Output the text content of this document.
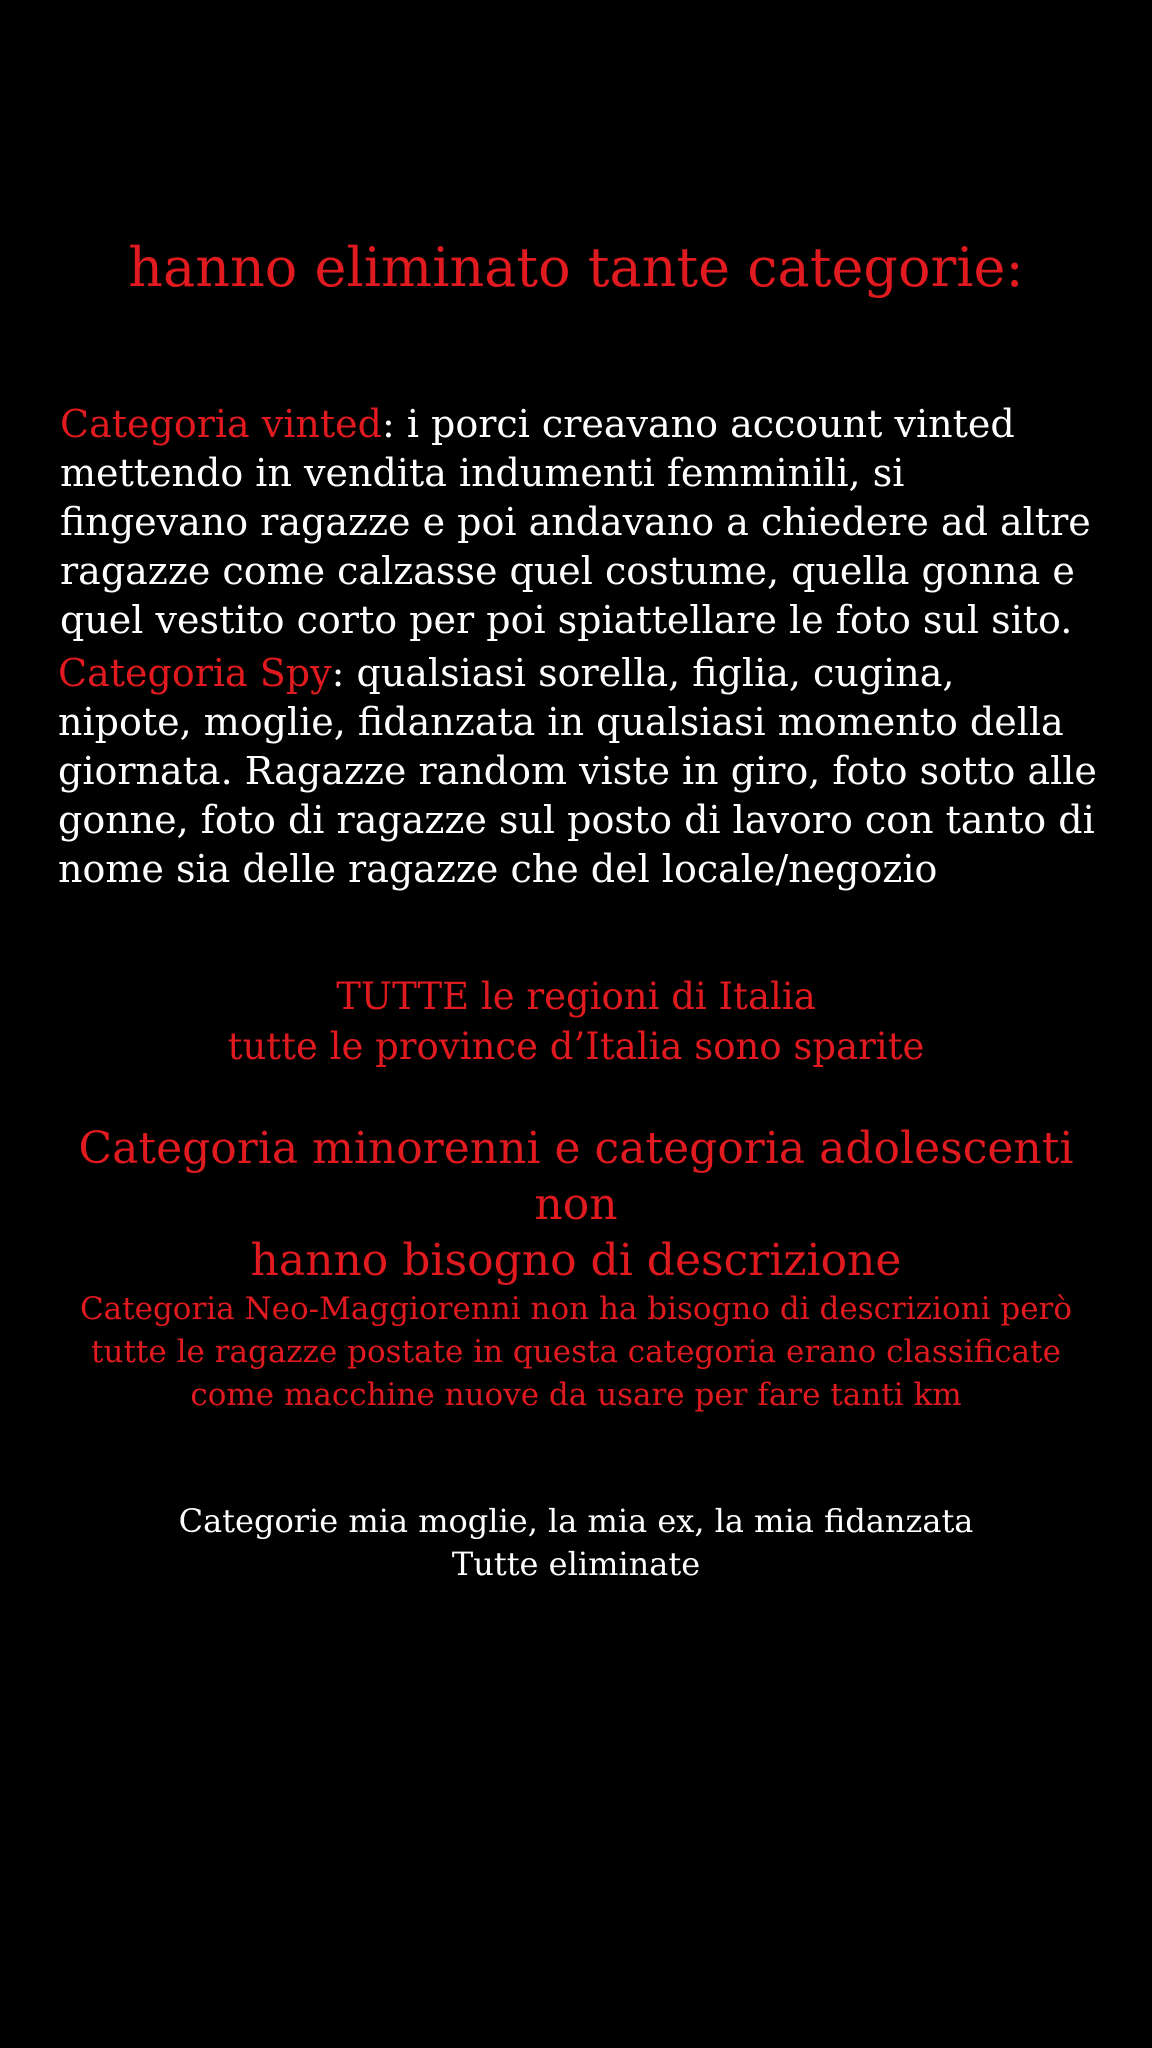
hanno eliminato tante categorie:

Categoria vinted: i porci creavano account vinted mettendo in vendita indumenti femminili, si fingevano ragazze e poi andavano a chiedere ad altre ragazze come calzasse quel costume, quella gonna e quel vestito corto per poi spiattellare le foto sul sito.

Categoria Spy: qualsiasi sorella, figlia, cugina, nipote, moglie, fidanzata in qualsiasi momento della giornata. Ragazze random viste in giro, foto sotto alle gonne, foto di ragazze sul posto di lavoro con tanto di nome sia delle ragazze che del locale/negozio

TUTTE le regioni di Italia
tutte le province d’Italia sono sparite

Categoria minorenni e categoria adolescenti non
hanno bisogno di descrizione

Categoria Neo-Maggiorenni non ha bisogno di descrizioni però
tutte le ragazze postate in questa categoria erano classificate
come macchine nuove da usare per fare tanti km

Categorie mia moglie, la mia ex, la mia fidanzata
Tutte eliminate
